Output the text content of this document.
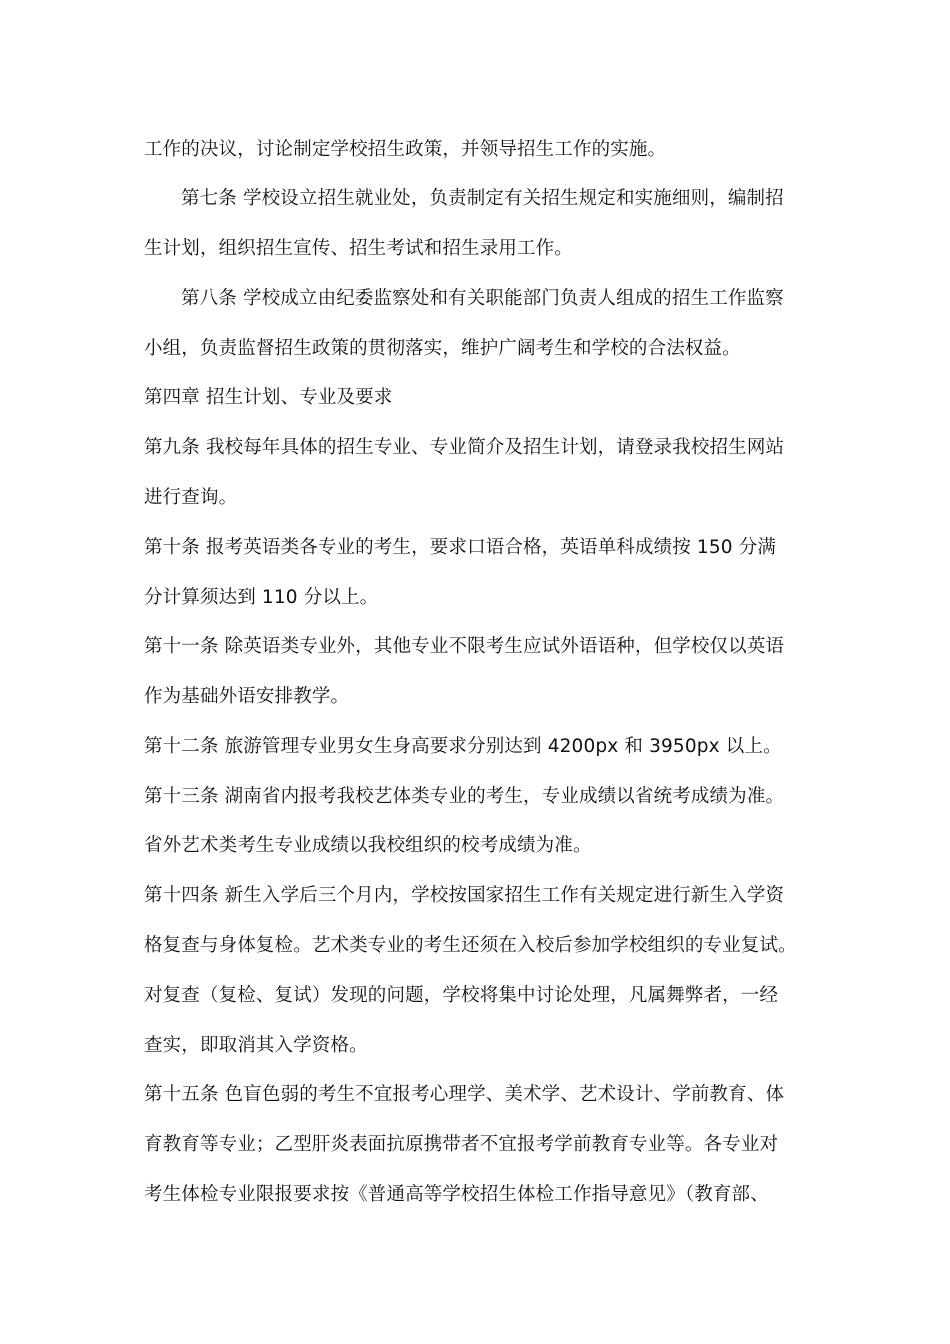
工作的决议，讨论制定学校招生政策，并领导招生工作的实施。
第七条 学校设立招生就业处，负责制定有关招生规定和实施细则，编制招
生计划，组织招生宣传、招生考试和招生录用工作。
第八条 学校成立由纪委监察处和有关职能部门负责人组成的招生工作监察
小组，负责监督招生政策的贯彻落实，维护广阔考生和学校的合法权益。
第四章 招生计划、专业及要求
第九条 我校每年具体的招生专业、专业简介及招生计划，请登录我校招生网站
进行查询。
第十条 报考英语类各专业的考生，要求口语合格，英语单科成绩按 150 分满
分计算须达到 110 分以上。
第十一条 除英语类专业外，其他专业不限考生应试外语语种，但学校仅以英语
作为基础外语安排教学。
第十二条 旅游管理专业男女生身高要求分别达到 4200px 和 3950px 以上。
第十三条 湖南省内报考我校艺体类专业的考生，专业成绩以省统考成绩为准。
省外艺术类考生专业成绩以我校组织的校考成绩为准。
第十四条 新生入学后三个月内，学校按国家招生工作有关规定进行新生入学资
格复查与身体复检。艺术类专业的考生还须在入校后参加学校组织的专业复试。
对复查（复检、复试）发现的问题，学校将集中讨论处理，凡属舞弊者，一经
查实，即取消其入学资格。
第十五条 色盲色弱的考生不宜报考心理学、美术学、艺术设计、学前教育、体
育教育等专业；乙型肝炎表面抗原携带者不宜报考学前教育专业等。各专业对
考生体检专业限报要求按《普通高等学校招生体检工作指导意见》（教育部、
